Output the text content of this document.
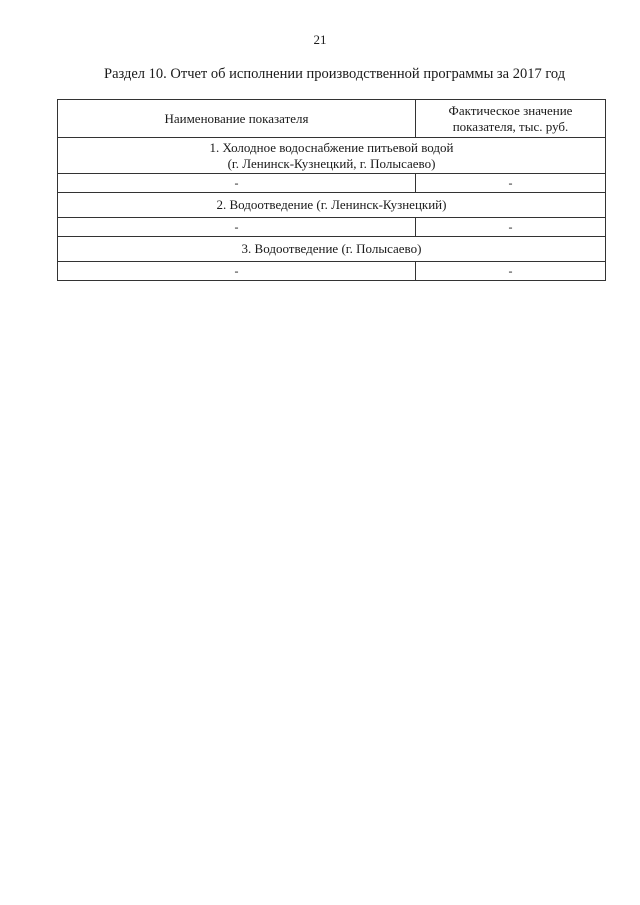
21
Раздел 10. Отчет об исполнении производственной программы за 2017 год
Наименование показателя	Фактическое значение
показателя, тыс. руб.

1. Холодное водоснабжение питьевой водой
(г. Ленинск-Кузнецкий, г. Полысаево)	

-	-
2. Водоотведение (г. Ленинск-Кузнецкий)	
-	-
3. Водоотведение (г. Полысаево)	
-	-
